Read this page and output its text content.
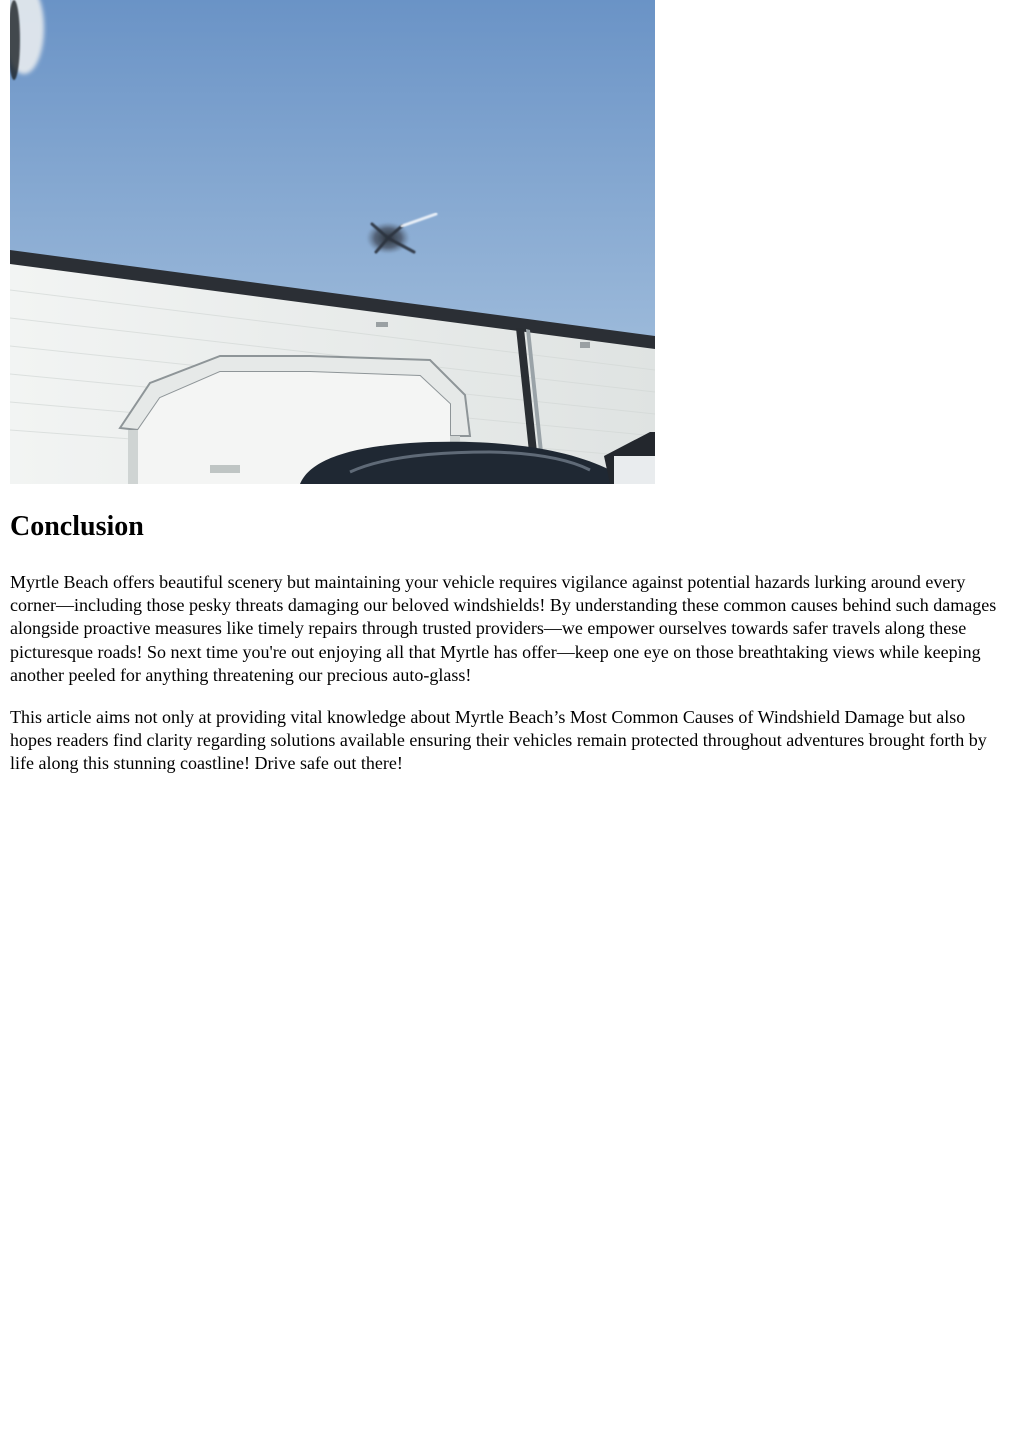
Conclusion

Myrtle Beach offers beautiful scenery but maintaining your vehicle requires vigilance against potential hazards lurking around every corner—including those pesky threats damaging our beloved windshields! By understanding these common causes behind such damages alongside proactive measures like timely repairs through trusted providers—we empower ourselves towards safer travels along these picturesque roads! So next time you're out enjoying all that Myrtle has offer—keep one eye on those breathtaking views while keeping another peeled for anything threatening our precious auto-glass!

This article aims not only at providing vital knowledge about Myrtle Beach’s Most Common Causes of Windshield Damage but also hopes readers find clarity regarding solutions available ensuring their vehicles remain protected throughout adventures brought forth by life along this stunning coastline! Drive safe out there!
